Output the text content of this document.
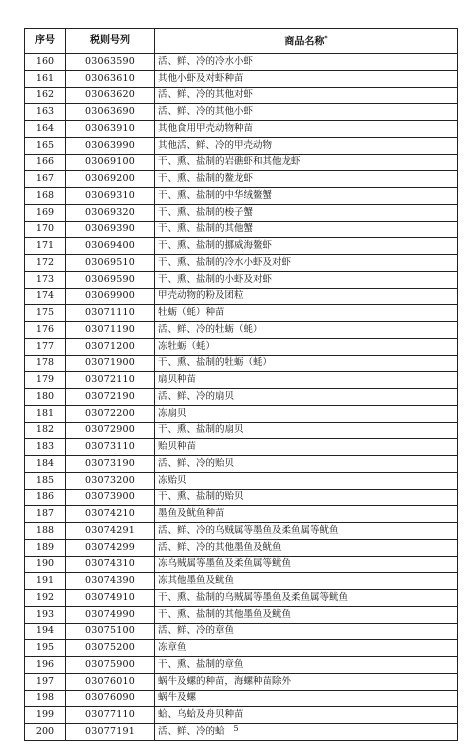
序号	税则号列	商品名称*
160	03063590	活、鲜、冷的冷水小虾
161	03063610	其他小虾及对虾种苗
162	03063620	活、鲜、冷的其他对虾
163	03063690	活、鲜、冷的其他小虾
164	03063910	其他食用甲壳动物种苗
165	03063990	其他活、鲜、冷的甲壳动物
166	03069100	干、熏、盐制的岩礁虾和其他龙虾
167	03069200	干、熏、盐制的鳌龙虾
168	03069310	干、熏、盐制的中华绒鳌蟹
169	03069320	干、熏、盐制的梭子蟹
170	03069390	干、熏、盐制的其他蟹
171	03069400	干、熏、盐制的挪威海鳌虾
172	03069510	干、熏、盐制的冷水小虾及对虾
173	03069590	干、熏、盐制的小虾及对虾
174	03069900	甲壳动物的粉及团粒
175	03071110	牡蛎（蚝）种苗
176	03071190	活、鲜、冷的牡蛎（蚝）
177	03071200	冻牡蛎（蚝）
178	03071900	干、熏、盐制的牡蛎（蚝）
179	03072110	扇贝种苗
180	03072190	活、鲜、冷的扇贝
181	03072200	冻扇贝
182	03072900	干、熏、盐制的扇贝
183	03073110	贻贝种苗
184	03073190	活、鲜、冷的贻贝
185	03073200	冻贻贝
186	03073900	干、熏、盐制的贻贝
187	03074210	墨鱼及鱿鱼种苗
188	03074291	活、鲜、冷的乌贼属等墨鱼及柔鱼属等鱿鱼
189	03074299	活、鲜、冷的其他墨鱼及鱿鱼
190	03074310	冻乌贼属等墨鱼及柔鱼属等鱿鱼
191	03074390	冻其他墨鱼及鱿鱼
192	03074910	干、熏、盐制的乌贼属等墨鱼及柔鱼属等鱿鱼
193	03074990	干、熏、盐制的其他墨鱼及鱿鱼
194	03075100	活、鲜、冷的章鱼
195	03075200	冻章鱼
196	03075900	干、熏、盐制的章鱼
197	03076010	蜗牛及螺的种苗，海螺种苗除外
198	03076090	蜗牛及螺
199	03077110	蛤、乌蛤及舟贝种苗
200	03077191	活、鲜、冷的蛤	5
